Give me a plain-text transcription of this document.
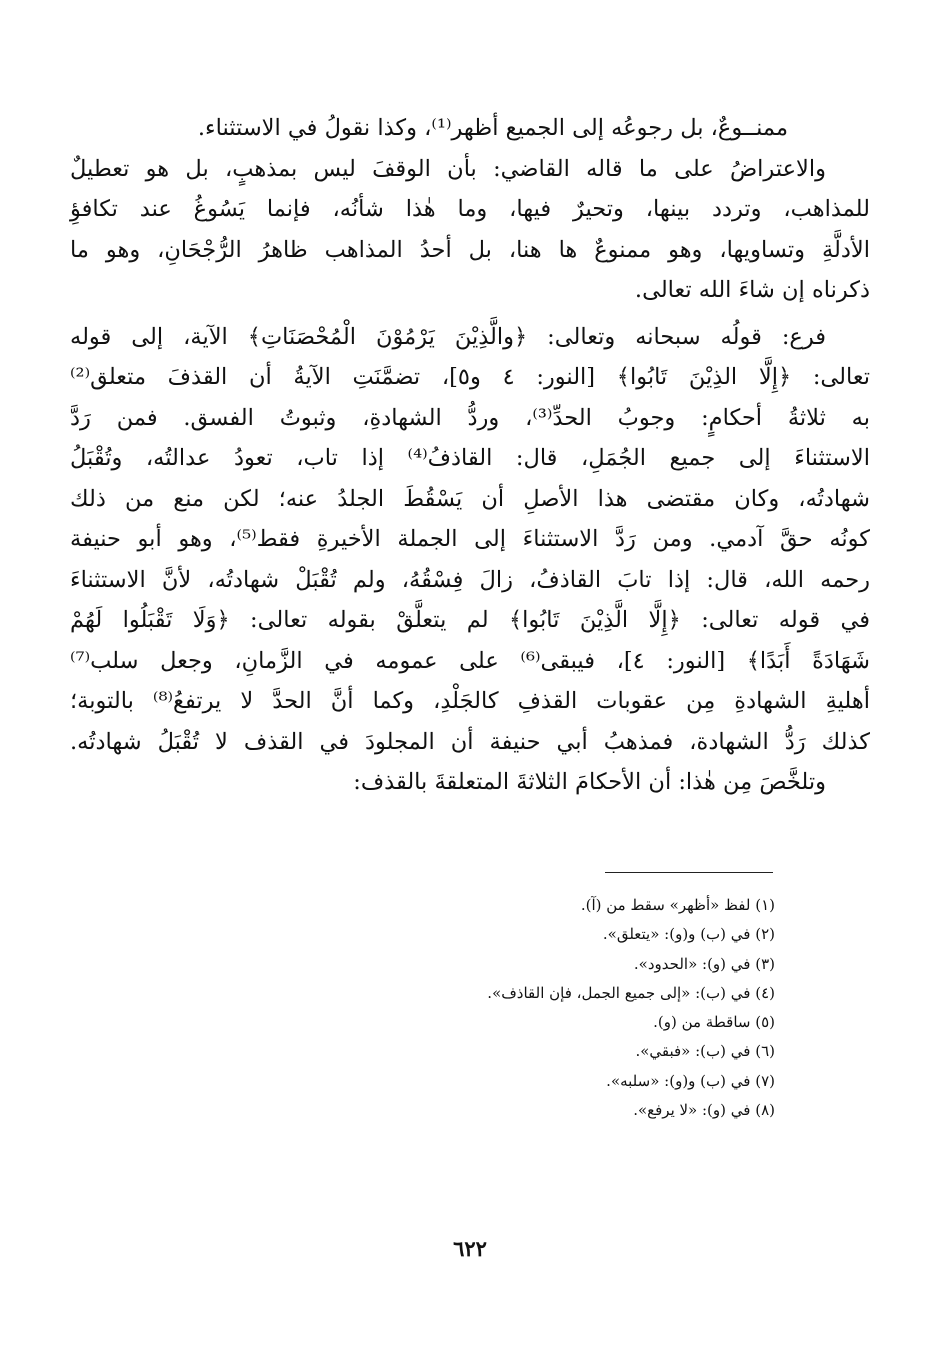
ممنــوعٌ، بل رجوعُه إلى الجميع أظهر⁽¹⁾، وكذا نقولُ في الاستثناء.
والاعتراضُ على ما قاله القاضي: بأن الوقفَ ليس بمذهبٍ، بل هو تعطيلٌ
للمذاهب، وتردد بينها، وتحيرٌ فيها، وما هٰذا شأنُه، فإنما يَسُوغُ عند تكافؤِ
الأدلَّةِ وتساويها، وهو ممنوعٌ ها هنا، بل أحدُ المذاهب ظاهرُ الرُّجْحَانِ، وهو ما
ذكرناه إن شاءَ الله تعالى.
فرع: قولُه سبحانه وتعالى: ﴿والَّذِيْنَ يَرْمُوْنَ الْمُحْصَنَاتِ﴾ الآية، إلى قوله
تعالى: ﴿إِلَّا الذِيْنَ تَابُوا﴾ [النور: ٤ و٥]، تضمَّنَتِ الآيةُ أن القذفَ متعلق⁽²⁾
به ثلاثةُ أحكامٍ: وجوبُ الحدِّ⁽³⁾، وردُّ الشهادةِ، وثبوتُ الفسق. فمن رَدَّ
الاستثناءَ إلى جميع الجُمَلِ، قال: القاذفُ⁽⁴⁾ إذا تاب، تعودُ عدالتُه، وتُقْبَلُ
شهادتُه، وكان مقتضى هذا الأصلِ أن يَسْقُطَ الجلدُ عنه؛ لكن منع من ذلك
كونُه حقَّ آدمي. ومن رَدَّ الاستثناءَ إلى الجملة الأخيرةِ فقط⁽⁵⁾، وهو أبو حنيفة
رحمه الله، قال: إذا تابَ القاذفُ، زالَ فِسْقُهُ، ولم تُقْبَلْ شهادتُه، لأنَّ الاستثناءَ
في قوله تعالى: ﴿إِلَّا الَّذِيْنَ تَابُوا﴾ لم يتعلَّقْ بقوله تعالى: ﴿وَلَا تَقْبَلُوا لَهُمْ
شَهَادَةً أَبَدًا﴾ [النور: ٤]، فيبقى⁽⁶⁾ على عمومه في الزَّمانِ، وجعل سلب⁽⁷⁾
أهليةِ الشهادةِ مِن عقوبات القذفِ كالجَلْدِ، وكما أنَّ الحدَّ لا يرتفعُ⁽⁸⁾ بالتوبة؛
كذلك رَدُّ الشهادة، فمذهبُ أبي حنيفة أن المجلودَ في القذف لا تُقْبَلُ شهادتُه.
وتلخَّصَ مِن هٰذا: أن الأحكامَ الثلاثةَ المتعلقةَ بالقذف:
(١) لفظ «أظهر» سقط من (آ).
(٢) في (ب) و(و): «يتعلق».
(٣) في (و): «الحدود».
(٤) في (ب): «إلى جميع الجمل، فإن القاذف».
(٥) ساقطة من (و).
(٦) في (ب): «فبقي».
(٧) في (ب) و(و): «سلبه».
(٨) في (و): «لا يرفع».
٦٢٢
